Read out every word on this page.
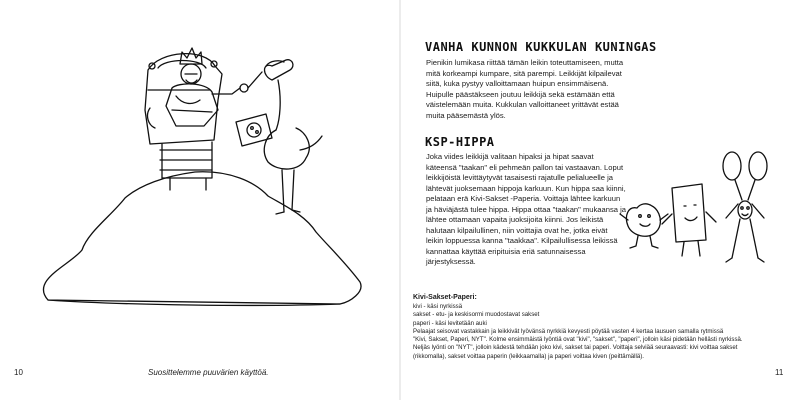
VANHA KUNNON KUKKULAN KUNINGAS
Pienikin lumikasa riittää tämän leikin toteuttamiseen, mutta mitä korkeampi kumpare, sitä parempi. Leikkijät kilpailevat siitä, kuka pystyy valloittamaan huipun ensimmäisenä. Huipulle päästäkseen joutuu leikkijä sekä estämään että väistelemään muita. Kukkulan valloittaneet yrittävät estää muita pääsemästä ylös.
KSP-HIPPA
Joka viides leikkijä valitaan hipaksi ja hipat saavat käteensä "taakan" eli pehmeän pallon tai vastaavan. Loput leikkijöistä levittäytyvät tasaisesti rajatulle pelialueelle ja lähtevät juoksemaan hippoja karkuun. Kun hippa saa kiinni, pelataan erä Kivi-Sakset -Paperia. Voittaja lähtee karkuun ja häviäjästä tulee hippa. Hippa ottaa "taakan" mukaansa ja lähtee ottamaan vapaita juoksijoita kiinni. Jos leikistä halutaan kilpailullinen, niin voittajia ovat he, jotka eivät leikin loppuessa kanna "taakkaa". Kilpailullisessa leikissä kannattaa käyttää eripituisia eriä satunnaisessa järjestyksessä.
Kivi-Sakset-Paperi:
kivi - käsi nyrkissä
sakset - etu- ja keskisormi muodostavat sakset
paperi - käsi levitetään auki
Pelaajat seisovat vastakkain ja leikkivät lyövänsä nyrkkiä kevyesti pöytää vasten 4 kertaa lausuen samalla rytmissä
"Kivi, Sakset, Paperi, NYT". Kolme ensimmäistä lyöntiä ovat "kivi", "sakset", "paperi", jolloin käsi pidetään hellästi nyrkissä.
Neljäs lyönti on "NYT", jolloin kädestä tehdään joko kivi, sakset tai paperi. Voittaja selviää seuraavasti: kivi voittaa sakset
(rikkomalla), sakset voittaa paperin (leikkaamalla) ja paperi voittaa kiven (peittämällä).
10	Suosittelemme puuvärien käyttöä.	11
